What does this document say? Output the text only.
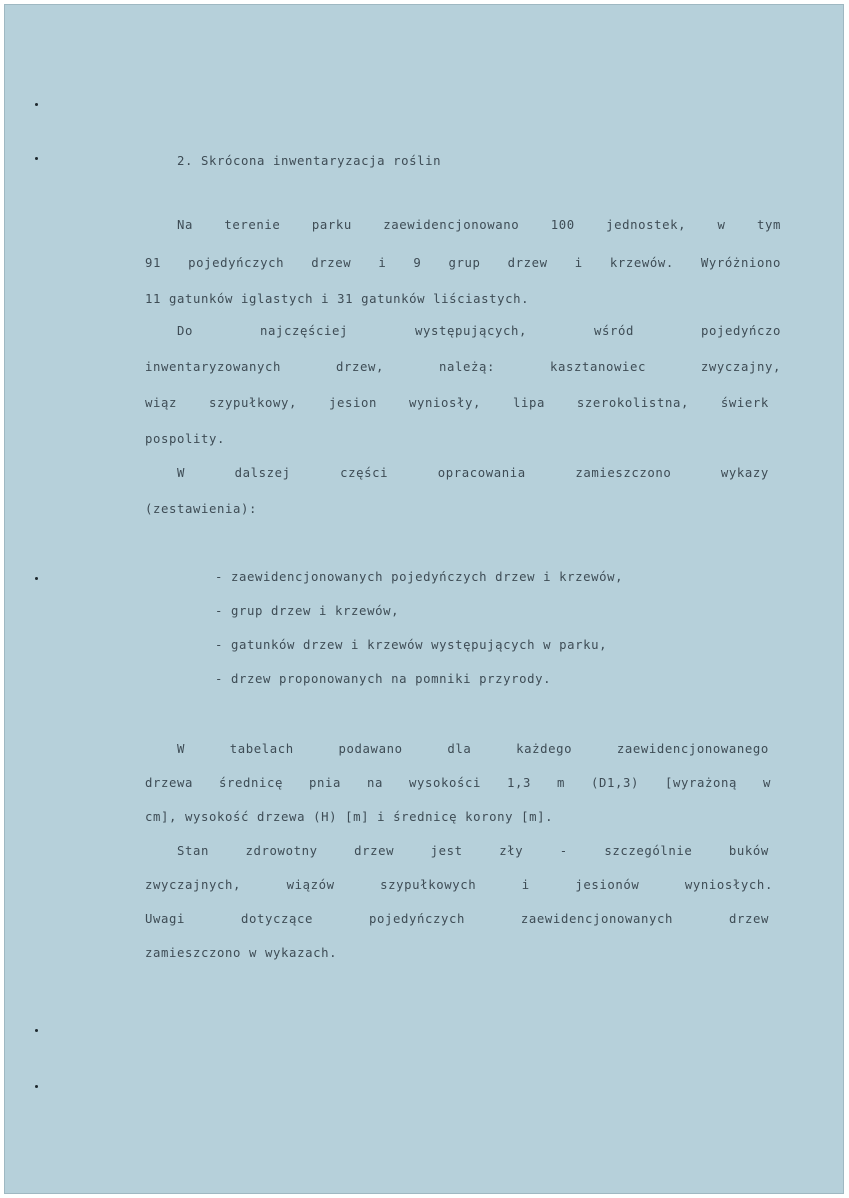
2. Skrócona inwentaryzacja roślin
Na	terenie	parku	zaewidencjonowano	100	jednostek,	w	tym
91 pojedyńczych drzew i 9 grup drzew i krzewów. Wyróżniono
11 gatunków iglastych i 31 gatunków liściastych.
Do	najczęściej	występujących,	wśród	pojedyńczo
inwentaryzowanych	drzew,	należą:	kasztanowiec	zwyczajny,
wiąz	szypułkowy,	jesion	wyniosły,	lipa	szerokolistna,	świerk
pospolity.
W	dalszej	części	opracowania	zamieszczono	wykazy
(zestawienia):
- zaewidencjonowanych pojedyńczych drzew i krzewów,
- grup drzew i krzewów,
- gatunków drzew i krzewów występujących w parku,
- drzew proponowanych na pomniki przyrody.
W	tabelach	podawano	dla	każdego	zaewidencjonowanego
drzewa średnicę pnia na wysokości 1,3 m (D1,3) [wyrażoną w
cm], wysokość drzewa (H) [m] i średnicę korony [m].
Stan	zdrowotny	drzew	jest	zły	-	szczególnie	buków
zwyczajnych,	wiązów	szypułkowych	i	jesionów	wyniosłych.
Uwagi	dotyczące	pojedyńczych	zaewidencjonowanych	drzew
zamieszczono w wykazach.
